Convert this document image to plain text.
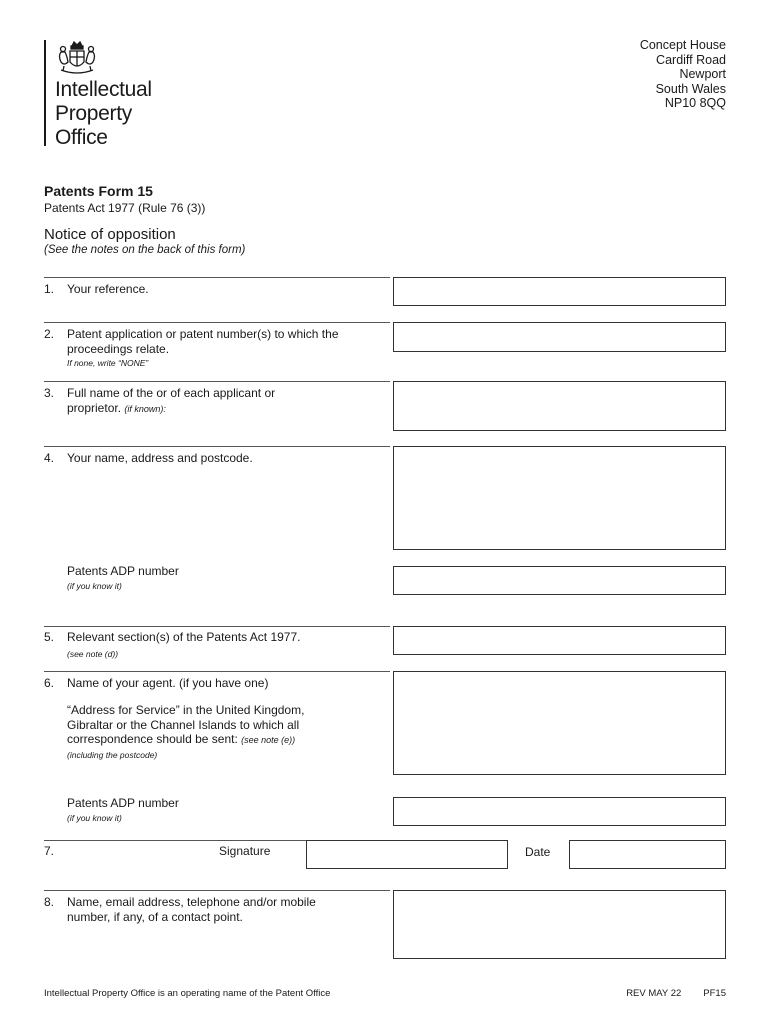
Intellectual
Property
Office
Concept House
Cardiff Road
Newport
South Wales
NP10 8QQ
Patents Form 15
Patents Act 1977 (Rule 76 (3))
Notice of opposition
(See the notes on the back of this form)
1. Your reference.
2. Patent application or patent number(s) to which the
proceedings relate.
If none, write “NONE”
3. Full name of the or of each applicant or
proprietor. (if known):
4. Your name, address and postcode.
Patents ADP number
(if you know it)
5. Relevant section(s) of the Patents Act 1977.
(see note (d))
6. Name of your agent. (if you have one)
“Address for Service” in the United Kingdom,
Gibraltar or the Channel Islands to which all
correspondence should be sent: (see note (e))
(including the postcode)
Patents ADP number
(if you know it)
7.	Signature	Date
8. Name, email address, telephone and/or mobile
number, if any, of a contact point.
Intellectual Property Office is an operating name of the Patent Office	REV MAY 22 PF15
